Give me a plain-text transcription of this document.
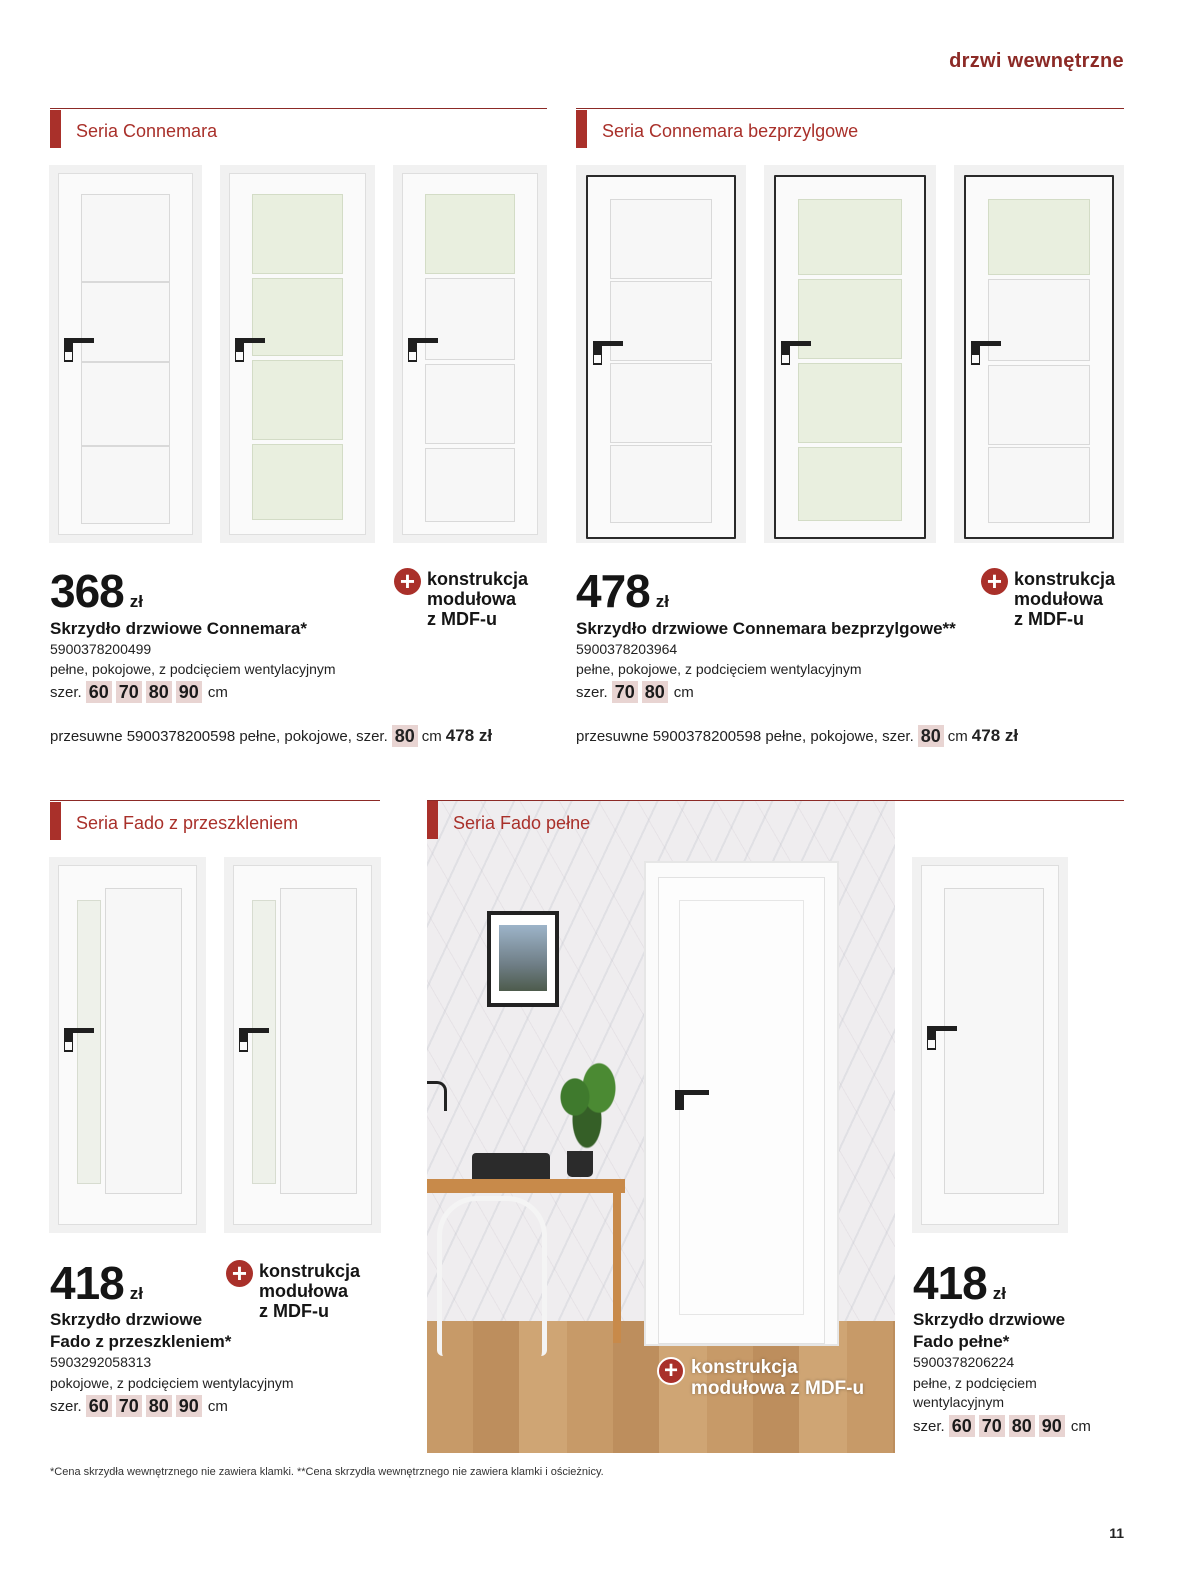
drzwi wewnętrzne
Seria Connemara
368 zł
+ konstrukcja
modułowa
z MDF-u
Skrzydło drzwiowe Connemara*
5900378200499
pełne, pokojowe, z podcięciem wentylacyjnym
szer. 60 70 80 90 cm
przesuwne 5900378200598 pełne, pokojowe, szer. 80 cm 478 zł
Seria Connemara bezprzylgowe
478 zł
+ konstrukcja
modułowa
z MDF-u
Skrzydło drzwiowe Connemara bezprzylgowe**
5900378203964
pełne, pokojowe, z podcięciem wentylacyjnym
szer. 70 80 cm
przesuwne 5900378200598 pełne, pokojowe, szer. 80 cm 478 zł
Seria Fado z przeszkleniem
418 zł
+ konstrukcja
modułowa
z MDF-u
Skrzydło drzwiowe
Fado z przeszkleniem*
5903292058313
pokojowe, z podcięciem wentylacyjnym
szer. 60 70 80 90 cm
Seria Fado pełne
+ konstrukcja
modułowa z MDF-u
418 zł
Skrzydło drzwiowe
Fado pełne*
5900378206224
pełne, z podcięciem
wentylacyjnym
szer. 60 70 80 90 cm
*Cena skrzydła wewnętrznego nie zawiera klamki. **Cena skrzydła wewnętrznego nie zawiera klamki i ościeżnicy.
11
